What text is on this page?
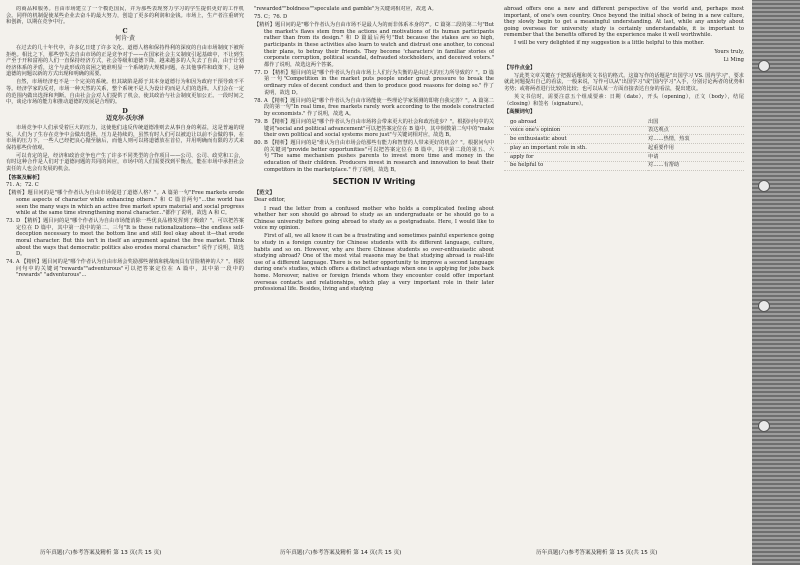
的商品和服务。自由市场建立了一个模范国民，并为那些表现努力学习的学生提供更好的工作机会。同样的机制促使某些企业去奋斗的最大努力，创造了更多的利润和金钱。市场上，生产者注重研究和创新，以期在竞争中行。

C
何肯·黄

在过去的几十年代中，许多亿日建了许多文化、道德人格和保持得利的深度的自由市场制度下被所拒绝。相比之下，那些曾失去自由市场的正是竞争对于——在国家社会主义制度引起基础中，不让到生产至于开和富裕的人们一直保持经济方式，社会等级和道德下降，越来越多的人失去了自由，由于计划经济体系的矛盾，这个与此形成的贫困之链谁明显一个系统的大规模问题，在其他事件和政策下，这种道德的问题以新的方式出现和明确的需要。

自然，市场经济也不是一个完美的系统。但其缺陷是源于其本身道德行为和因为政府干预导致不平等。经济学家的反对，市场一种天然的关系，整个系统不是人为设计的而是人们的选择。人们会在一定的范围内做出选择和判断。自由社会会对人们提供了机会，使其政治与社会制度更加公正。一段时间之中，谈论市场的能力和推动道德的发展是合理的。

D
迈克尔·沃尔泽

市场竞争中人们承受着巨大的压力，这使他们违反传统道德准则去从事自身的利益，这是普遍的现实，人们为了生存在竞争中会做出选择，压力是持续的，虽然有时人们可以被迫让以前不会做的事，在市场的压力下，一些人已经把良心抛至脑后，而他人则可以将道德放在首位，并用明确而有限的方式来保持那些价值观。

可以肯定的是，经济和政治竞争也产生了许多不同类型的合作项目——公司、公司、政党和工会，有时这种合作是人们对于道德问题的共同的回应，市场中的人们需要找到平衡点，能在市场中承担社会责任的人也会有发展的机会。

【答案及解析】

71. A；72. C

【精析】题目问的是"哪个作者认为自由市场促进了道德人格？"。A 篇第一句"Free markets erode some aspects of character while enhancing others." 和 C 篇首两句"...the world has seen the many ways in which an active free market spurs material and social progress while at the same time strengthening moral character..."都作了说明，故选 A 和 C。

73. D 【精析】题目问的是"哪个作者认为自由市场能消除一些优良品格发挥到了极致？"。可以把答案定位在 D 篇中，其中第一段中的第二、三句"It is these rationalizations—the endless self-deception necessary to meet the bottom line and still feel okay about it—that erode moral character. But this isn't in itself an argument against the free market. Think about the ways that democratic politics also erodes moral character." 说作了说明，故选 D。

74. A 【精析】题目问的是"哪个作者认为自由市场会奖励那些谨慎和挑战而具有冒险精神的人？"。根据问句中的关键词"rewards""adventurous"可以把答案定位在 A 篇中，其中第一段中的 "rewards" "adventurous"...

"rewarded""boldness""speculate and gamble"为关键词相对应，故选 A。

75. C；76. D

【精析】题目问的是"哪个作者认为自由市场不是最人为的而非体系本身的?"。C 篇第二段的第二句"But the market's flaws stem from the actions and motivations of its human participants rather than from its design." 和 D 篇最后两句"But because the stakes are so high, participants in these activities also learn to watch and distrust one another, to conceal their plans, to betray their friends. They become 'characters' in familiar stories of corporate corruption, political scandal, defrauded stockholders, and deceived voters." 都作了说明，故选这两个答案。

77. D 【精析】题目问的是"哪个作者认为自由市场上人们行为失衡的是由过大的压力所导致的？"。D 篇第一句"Competition in the market puts people under great pressure to break the ordinary rules of decent conduct and then to produce good reasons for doing so." 作了说明，故选 D。

78. A 【精析】题目问的是"哪个作者认为自由市场能使一些理论学家预测的即将自我完善？"。A 篇第二段的第一句"In real time, free markets rarely work according to the models constructed by economists." 作了说明，故选 A。

79. B 【精析】题目问的是"哪个作者认为自由市场将会带来更大的社会和政治进步？"。根据问句中的关键词"social and political advancement"可以把答案定位在 B 篇中，其中倒数第二句中的"make their own political and social systems more just"与关键词相对应，故选 B。

80. B 【精析】题目问的是"谁认为自由市场会给那些有能力和智慧的人带来更好的机会？"。根据问句中的关键词"provide better opportunities"可以把答案定位在 B 篇中，其中第二段的第五、六句"The same mechanism pushes parents to invest more time and money in the education of their children. Producers invest in research and innovation to beat their competitors in the marketplace." 作了说明，故选 B。

SECTION IV Writing
【范文】

Dear editor,

I read the letter from a confused mother who holds a complicated feeling about whether her son should go abroad to study as an undergraduate or he should go to a Chinese university before going abroad to study as a postgraduate. Here, I would like to voice my opinion.

First of all, we all know it can be a frustrating and sometimes painful experience going to study in a foreign country for Chinese students with its different language, culture, habits and so on. However, why are there Chinese students so over-enthusiastic about studying abroad? One of the most vital reasons may be that studying abroad is real-life use of a different language. There is no better opportunity to improve a second language during one's studies, which offers a distinct advantage when one is applying for jobs back home. Moreover, native or foreign friends whom they encounter could offer important overseas contacts and relationships, which play a very important role in their later professional life. Besides, living and studying

abroad offers one a new and different perspective of the world and, perhaps most important, of one's own country. Once beyond the initial shock of being in a new culture, they slowly begin to get a meaningful understanding. At last, while any anxiety about going overseas for university study is certainly understandable, it is important to remember that the benefits offered by the experience make it well worthwhile.

I will be very delighted if my suggestion is a little helpful to this mother.

Yours truly,

Li Ming

【写作点金】

写此类文章关键在于把握话题和英文书信的格式。这篇写作的话题是"出国学习 VS. 国内学习"，要求就此问题提出自己的看法，一般来说，写作可以从"出国学习"或"国内学习"入手，分别讨论两者的优势和劣势；或将两者进行比较的比较；也可以从某一方面直接表达自身的看法，提出建议。

英文书信时，需要注意五个组成要素：日期（date），开头（opening），正文（body），结尾（closing）和签名（signature）。

【高频词句】
go abroad	出国
voice one's opinion	表达观点
be enthusiastic about	对……热情，热衷
play an important role in sth.	起重要作用
apply for	申请
be helpful to	对……有帮助
历年真题(六)参考答案及精析 第 13 页(共 15 页)	历年真题(六)参考答案及精析 第 14 页(共 15 页)	历年真题(六)参考答案及精析 第 15 页(共 15 页)
